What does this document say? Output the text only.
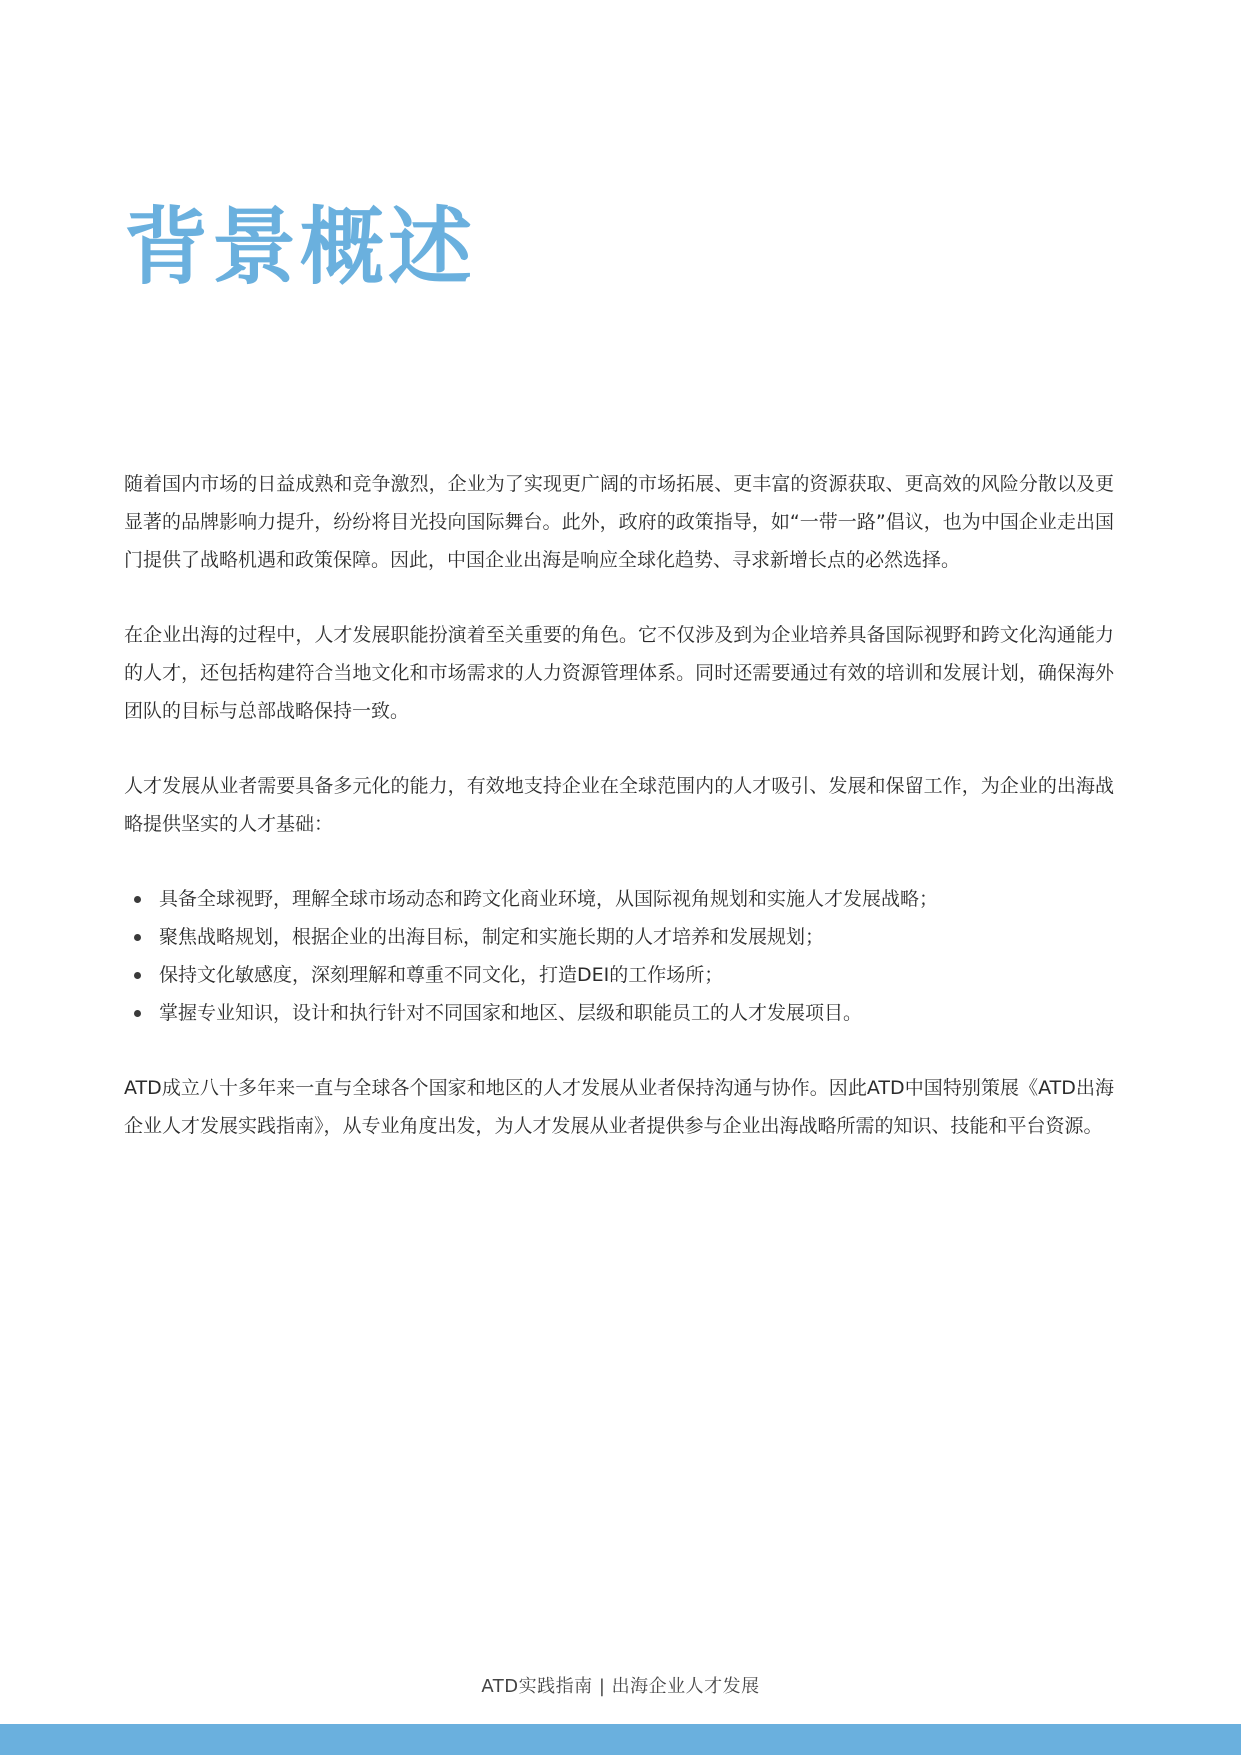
背景概述

随着国内市场的日益成熟和竞争激烈，企业为了实现更广阔的市场拓展、更丰富的资源获取、更高效的风险分散以及更显著的品牌影响力提升，纷纷将目光投向国际舞台。此外，政府的政策指导，如“一带一路”倡议，也为中国企业走出国门提供了战略机遇和政策保障。因此，中国企业出海是响应全球化趋势、寻求新增长点的必然选择。

在企业出海的过程中，人才发展职能扮演着至关重要的角色。它不仅涉及到为企业培养具备国际视野和跨文化沟通能力的人才，还包括构建符合当地文化和市场需求的人力资源管理体系。同时还需要通过有效的培训和发展计划，确保海外团队的目标与总部战略保持一致。

人才发展从业者需要具备多元化的能力，有效地支持企业在全球范围内的人才吸引、发展和保留工作，为企业的出海战略提供坚实的人才基础：

具备全球视野，理解全球市场动态和跨文化商业环境，从国际视角规划和实施人才发展战略；
聚焦战略规划，根据企业的出海目标，制定和实施长期的人才培养和发展规划；
保持文化敏感度，深刻理解和尊重不同文化，打造DEI的工作场所；
掌握专业知识，设计和执行针对不同国家和地区、层级和职能员工的人才发展项目。

ATD成立八十多年来一直与全球各个国家和地区的人才发展从业者保持沟通与协作。因此ATD中国特别策展《ATD出海企业人才发展实践指南》，从专业角度出发，为人才发展从业者提供参与企业出海战略所需的知识、技能和平台资源。

ATD实践指南 | 出海企业人才发展
